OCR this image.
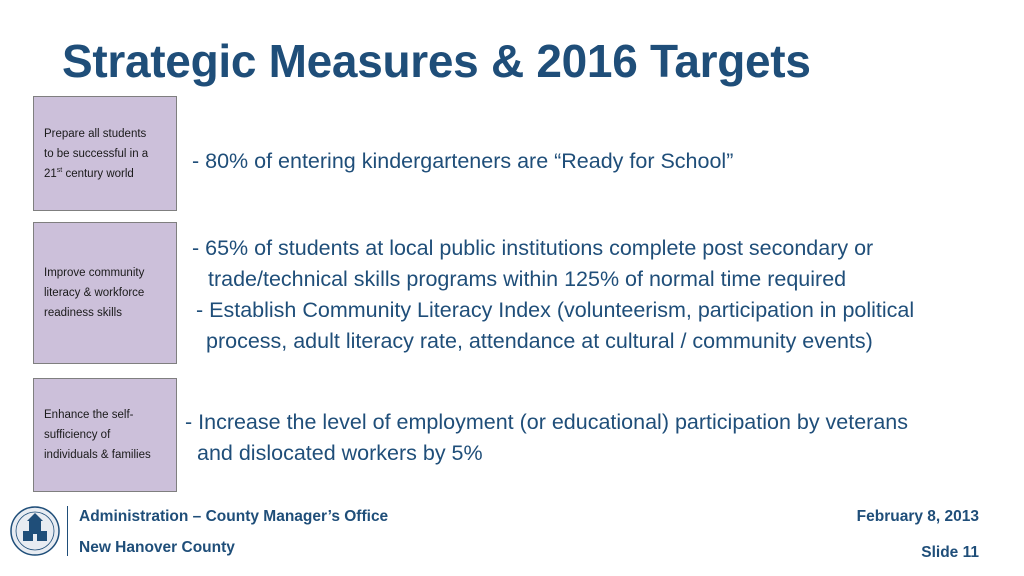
Strategic Measures & 2016 Targets
Prepare all students
to be successful in a
21st century world
- 80% of entering kindergarteners are “Ready for School”
Improve community
literacy & workforce
readiness skills
- 65% of students at local public institutions complete post secondary or
trade/technical skills programs within 125% of normal time required
- Establish Community Literacy Index (volunteerism, participation in political
process, adult literacy rate, attendance at cultural / community events)
Enhance the self-
sufficiency of
individuals & families
- Increase the level of employment (or educational) participation by veterans
and dislocated workers by 5%
Administration – County Manager’s Office
New Hanover County
February 8, 2013
Slide 11
